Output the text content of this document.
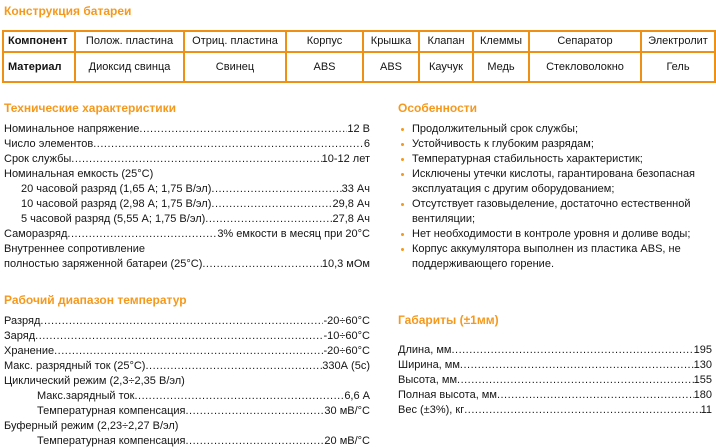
Конструкция батареи
Компонент	Полож. пластина	Отриц. пластина	Корпус	Крышка	Клапан	Клеммы	Сепаратор	Электролит
Материал	Диоксид свинца	Свинец	ABS	ABS	Каучук	Медь	Стекловолокно	Гель
Технические характеристики
Номинальное напряжение .....	12 В
Число элементов .....	6
Срок службы .....	10-12 лет
Номинальная емкость (25°C)
20 часовой разряд (1,65 А; 1,75 В/эл) .....	33 Ач
10 часовой разряд (2,98 А; 1,75 В/эл) .....	29,8 Ач
5 часовой разряд (5,55 А; 1,75 В/эл) .....	27,8 Ач
Саморазряд .....	3% емкости в месяц при 20°C
Внутреннее сопротивление
полностью заряженной батареи (25°C) .....	10,3 мОм
Рабочий диапазон температур
Разряд .....	-20÷60°C
Заряд .....	-10÷60°C
Хранение .....	-20÷60°C
Макс. разрядный ток (25°C) .....	330А (5с)
Циклический режим (2,3÷2,35 В/эл)
Макс.зарядный ток .....	6,6 А
Температурная компенсация .....	30 мВ/°C
Буферный режим (2,23÷2,27 В/эл)
Температурная компенсация .....	20 мВ/°C
Особенности
Продолжительный срок службы;
Устойчивость к глубоким разрядам;
Температурная стабильность характеристик;
Исключены утечки кислоты, гарантирована безопасная эксплуатация с другим оборудованием;
Отсутствует газовыделение, достаточно естественной вентиляции;
Нет необходимости в контроле уровня и доливе воды;
Корпус аккумулятора выполнен из пластика ABS, не поддерживающего горение.
Габариты (±1мм)
Длина, мм .....	195
Ширина, мм .....	130
Высота, мм .....	155
Полная высота, мм .....	180
Вес (±3%), кг .....	11
